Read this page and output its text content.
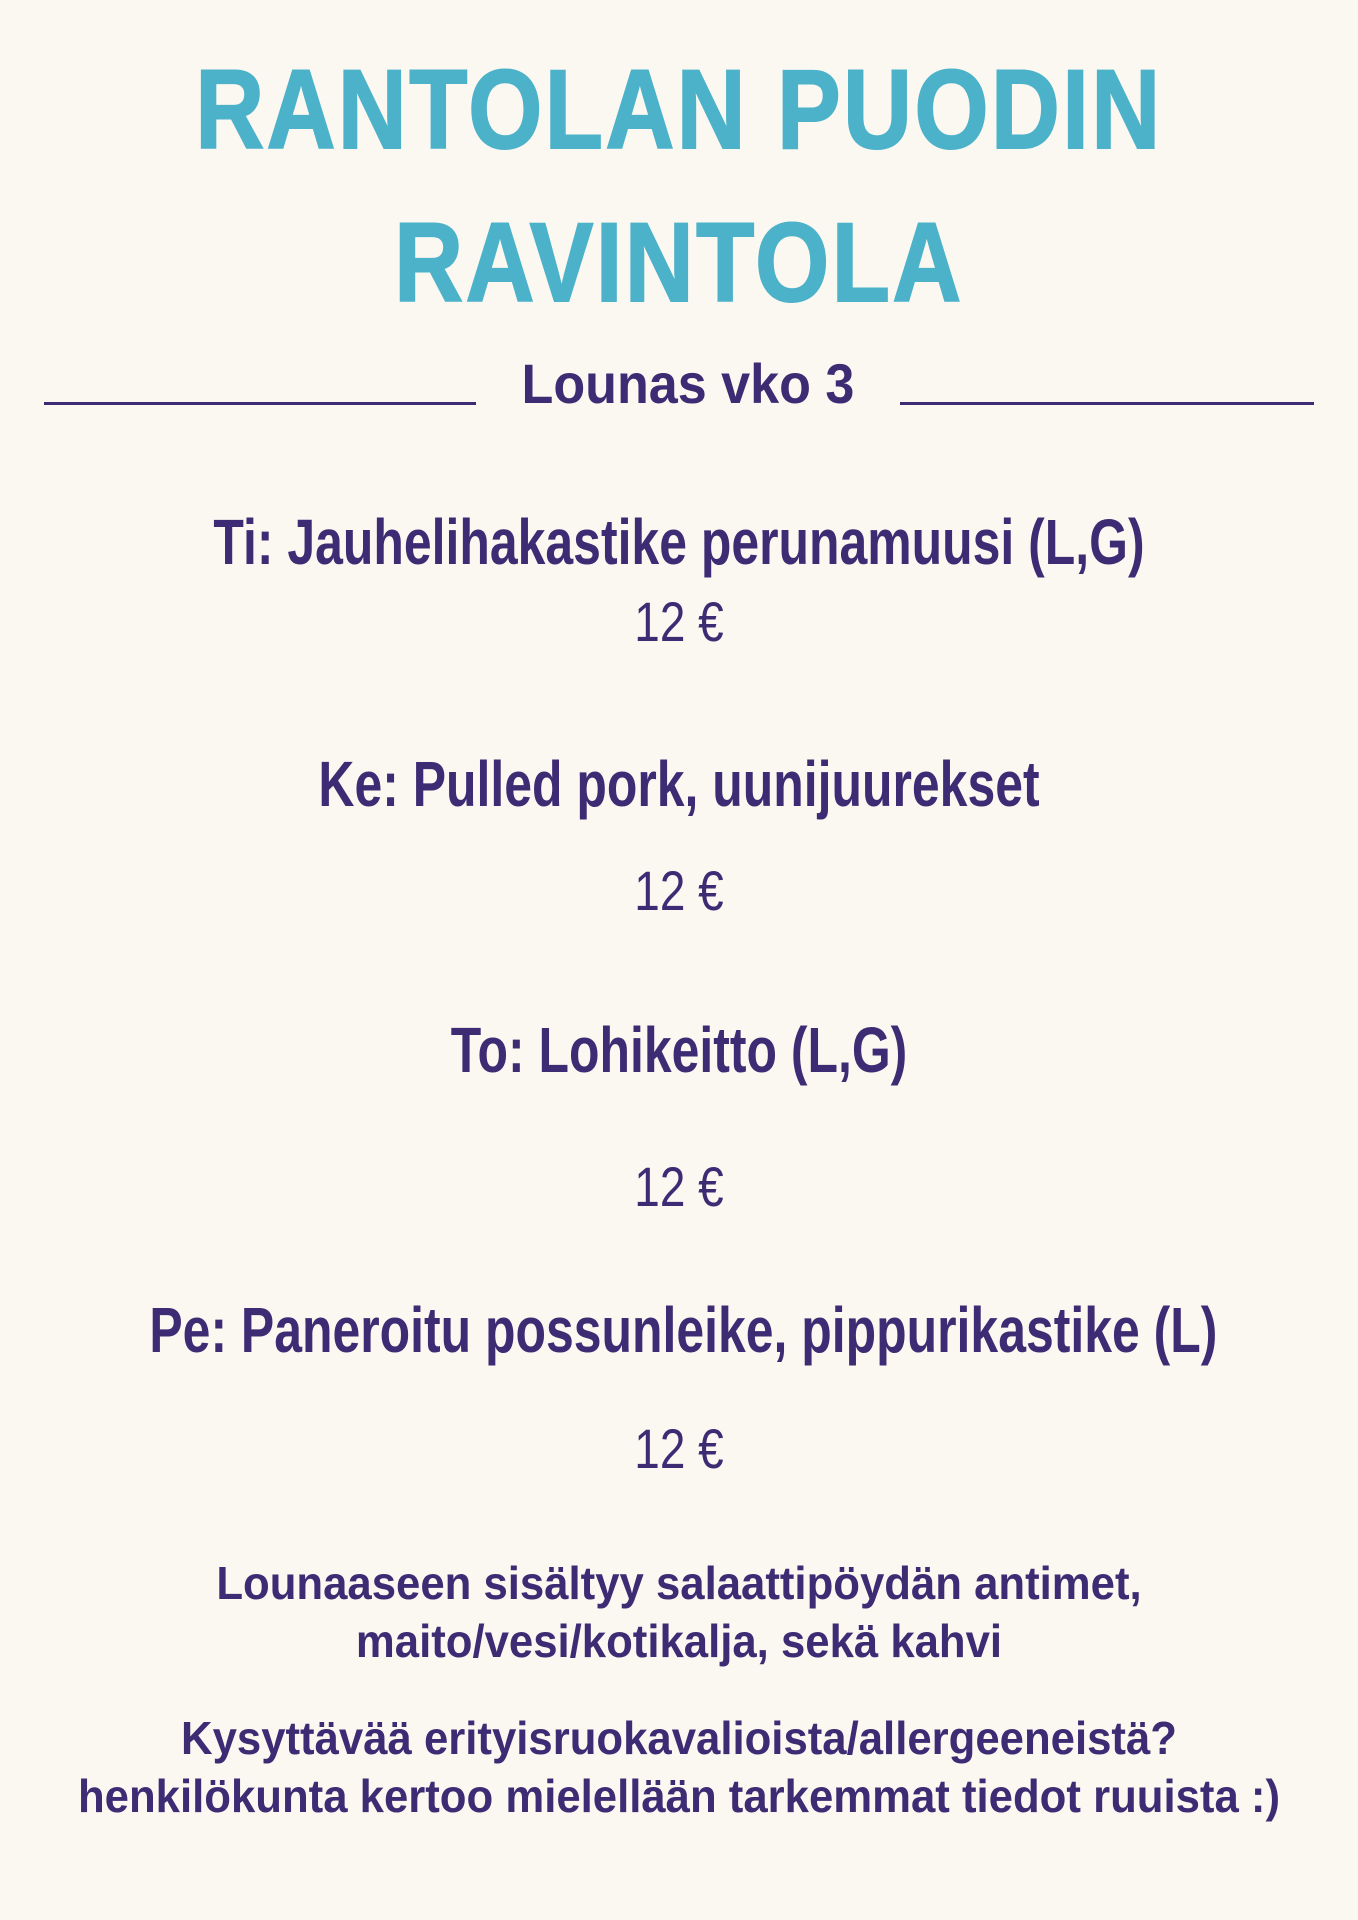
RANTOLAN PUODIN
RAVINTOLA
Lounas vko 3
Ti: Jauhelihakastike perunamuusi (L,G)
12 €
Ke: Pulled pork, uunijuurekset
12 €
To: Lohikeitto (L,G)
12 €
Pe: Paneroitu possunleike, pippurikastike (L)
12 €
Lounaaseen sisältyy salaattipöydän antimet,
maito/vesi/kotikalja, sekä kahvi
Kysyttävää erityisruokavalioista/allergeeneistä?
henkilökunta kertoo mielellään tarkemmat tiedot ruuista :)
